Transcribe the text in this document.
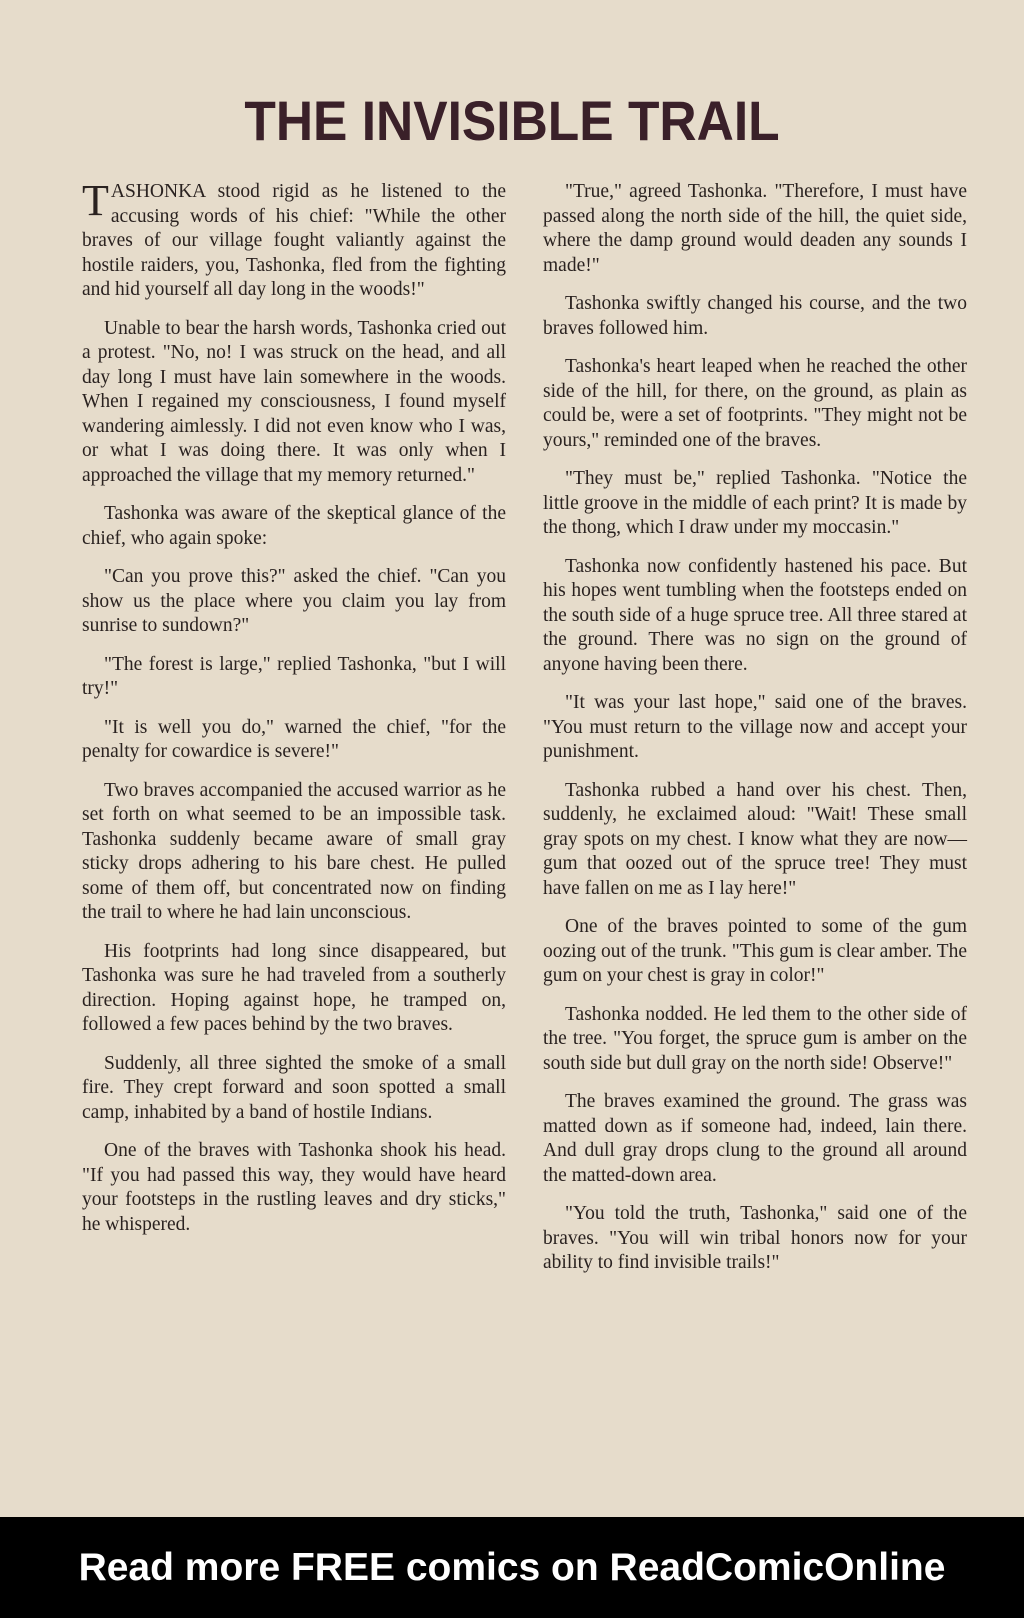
THE INVISIBLE TRAIL

TASHONKA stood rigid as he listened to the accusing words of his chief: "While the other braves of our village fought valiantly against the hostile raiders, you, Tashonka, fled from the fighting and hid yourself all day long in the woods!"

Unable to bear the harsh words, Tashonka cried out a protest. "No, no! I was struck on the head, and all day long I must have lain somewhere in the woods. When I regained my consciousness, I found myself wandering aimlessly. I did not even know who I was, or what I was doing there. It was only when I approached the village that my memory returned."

Tashonka was aware of the skeptical glance of the chief, who again spoke:

"Can you prove this?" asked the chief. "Can you show us the place where you claim you lay from sunrise to sundown?"

"The forest is large," replied Tashonka, "but I will try!"

"It is well you do," warned the chief, "for the penalty for cowardice is severe!"

Two braves accompanied the accused warrior as he set forth on what seemed to be an impossible task. Tashonka suddenly became aware of small gray sticky drops adhering to his bare chest. He pulled some of them off, but concentrated now on finding the trail to where he had lain unconscious.

His footprints had long since disappeared, but Tashonka was sure he had traveled from a southerly direction. Hoping against hope, he tramped on, followed a few paces behind by the two braves.

Suddenly, all three sighted the smoke of a small fire. They crept forward and soon spotted a small camp, inhabited by a band of hostile Indians.

One of the braves with Tashonka shook his head. "If you had passed this way, they would have heard your footsteps in the rustling leaves and dry sticks," he whispered.

"True," agreed Tashonka. "Therefore, I must have passed along the north side of the hill, the quiet side, where the damp ground would deaden any sounds I made!"

Tashonka swiftly changed his course, and the two braves followed him.

Tashonka's heart leaped when he reached the other side of the hill, for there, on the ground, as plain as could be, were a set of footprints. "They might not be yours," reminded one of the braves.

"They must be," replied Tashonka. "Notice the little groove in the middle of each print? It is made by the thong, which I draw under my moccasin."

Tashonka now confidently hastened his pace. But his hopes went tumbling when the footsteps ended on the south side of a huge spruce tree. All three stared at the ground. There was no sign on the ground of anyone having been there.

"It was your last hope," said one of the braves. "You must return to the village now and accept your punishment.

Tashonka rubbed a hand over his chest. Then, suddenly, he exclaimed aloud: "Wait! These small gray spots on my chest. I know what they are now—gum that oozed out of the spruce tree! They must have fallen on me as I lay here!"

One of the braves pointed to some of the gum oozing out of the trunk. "This gum is clear amber. The gum on your chest is gray in color!"

Tashonka nodded. He led them to the other side of the tree. "You forget, the spruce gum is amber on the south side but dull gray on the north side! Observe!"

The braves examined the ground. The grass was matted down as if someone had, indeed, lain there. And dull gray drops clung to the ground all around the matted-down area.

"You told the truth, Tashonka," said one of the braves. "You will win tribal honors now for your ability to find invisible trails!"

Read more FREE comics on ReadComicOnline
